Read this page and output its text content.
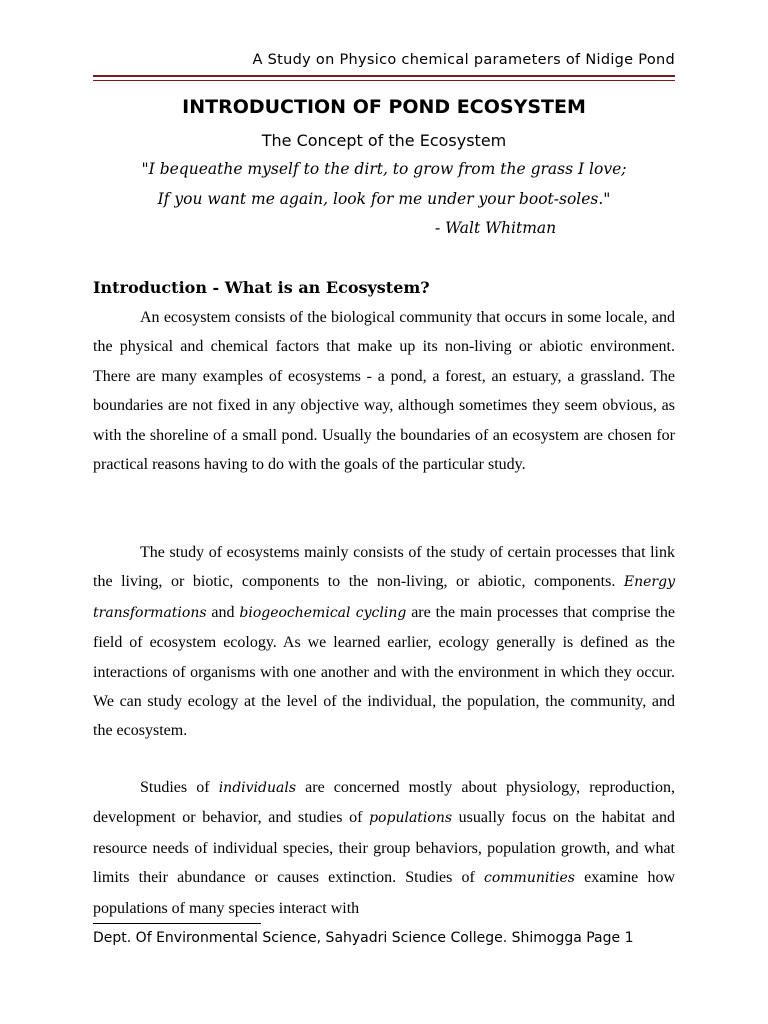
A Study on Physico chemical parameters of Nidige Pond
INTRODUCTION OF POND ECOSYSTEM
The Concept of the Ecosystem
"I bequeathe myself to the dirt, to grow from the grass I love;
If you want me again, look for me under your boot-soles."
- Walt Whitman
Introduction - What is an Ecosystem?

An ecosystem consists of the biological community that occurs in some locale, and the physical and chemical factors that make up its non-living or abiotic environment. There are many examples of ecosystems - a pond, a forest, an estuary, a grassland. The boundaries are not fixed in any objective way, although sometimes they seem obvious, as with the shoreline of a small pond. Usually the boundaries of an ecosystem are chosen for practical reasons having to do with the goals of the particular study.

The study of ecosystems mainly consists of the study of certain processes that link the living, or biotic, components to the non-living, or abiotic, components. Energy transformations and biogeochemical cycling are the main processes that comprise the field of ecosystem ecology. As we learned earlier, ecology generally is defined as the interactions of organisms with one another and with the environment in which they occur. We can study ecology at the level of the individual, the population, the community, and the ecosystem.

Studies of individuals are concerned mostly about physiology, reproduction, development or behavior, and studies of populations usually focus on the habitat and resource needs of individual species, their group behaviors, population growth, and what limits their abundance or causes extinction. Studies of communities examine how populations of many species interact with

Dept. Of Environmental Science, Sahyadri Science College. Shimogga Page 1
